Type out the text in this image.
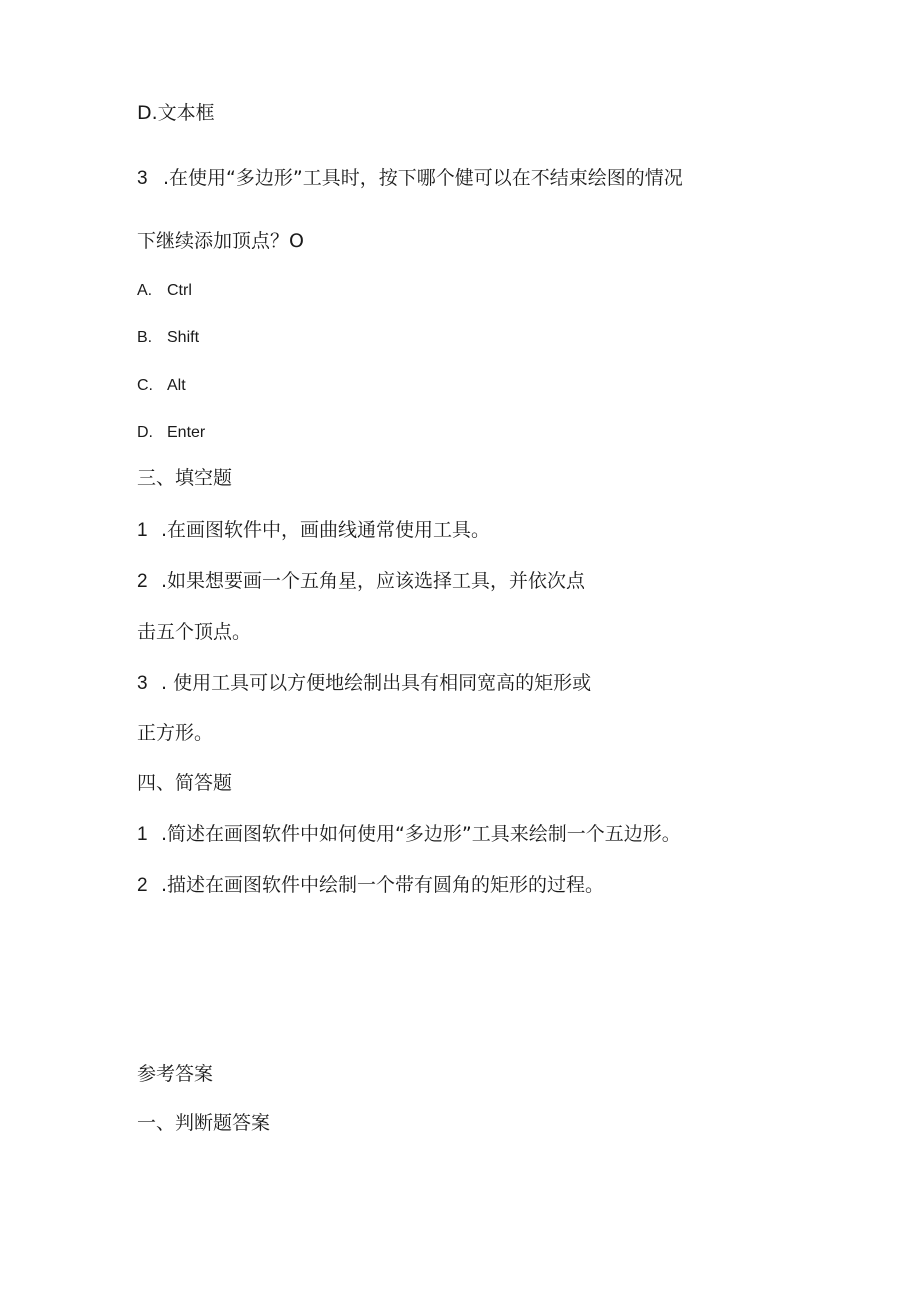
D.文本框
3 .在使用“多边形”工具时，按下哪个健可以在不结束绘图的情况
下继续添加顶点？O
A. Ctrl
B. Shift
C. Alt
D. Enter
三、填空题
1 .在画图软件中，画曲线通常使用工具。
2 .如果想要画一个五角星，应该选择工具，并依次点
击五个顶点。
3 . 使用工具可以方便地绘制出具有相同宽高的矩形或
正方形。
四、简答题
1 .简述在画图软件中如何使用“多边形”工具来绘制一个五边形。
2 .描述在画图软件中绘制一个带有圆角的矩形的过程。
参考答案
一、判断题答案
